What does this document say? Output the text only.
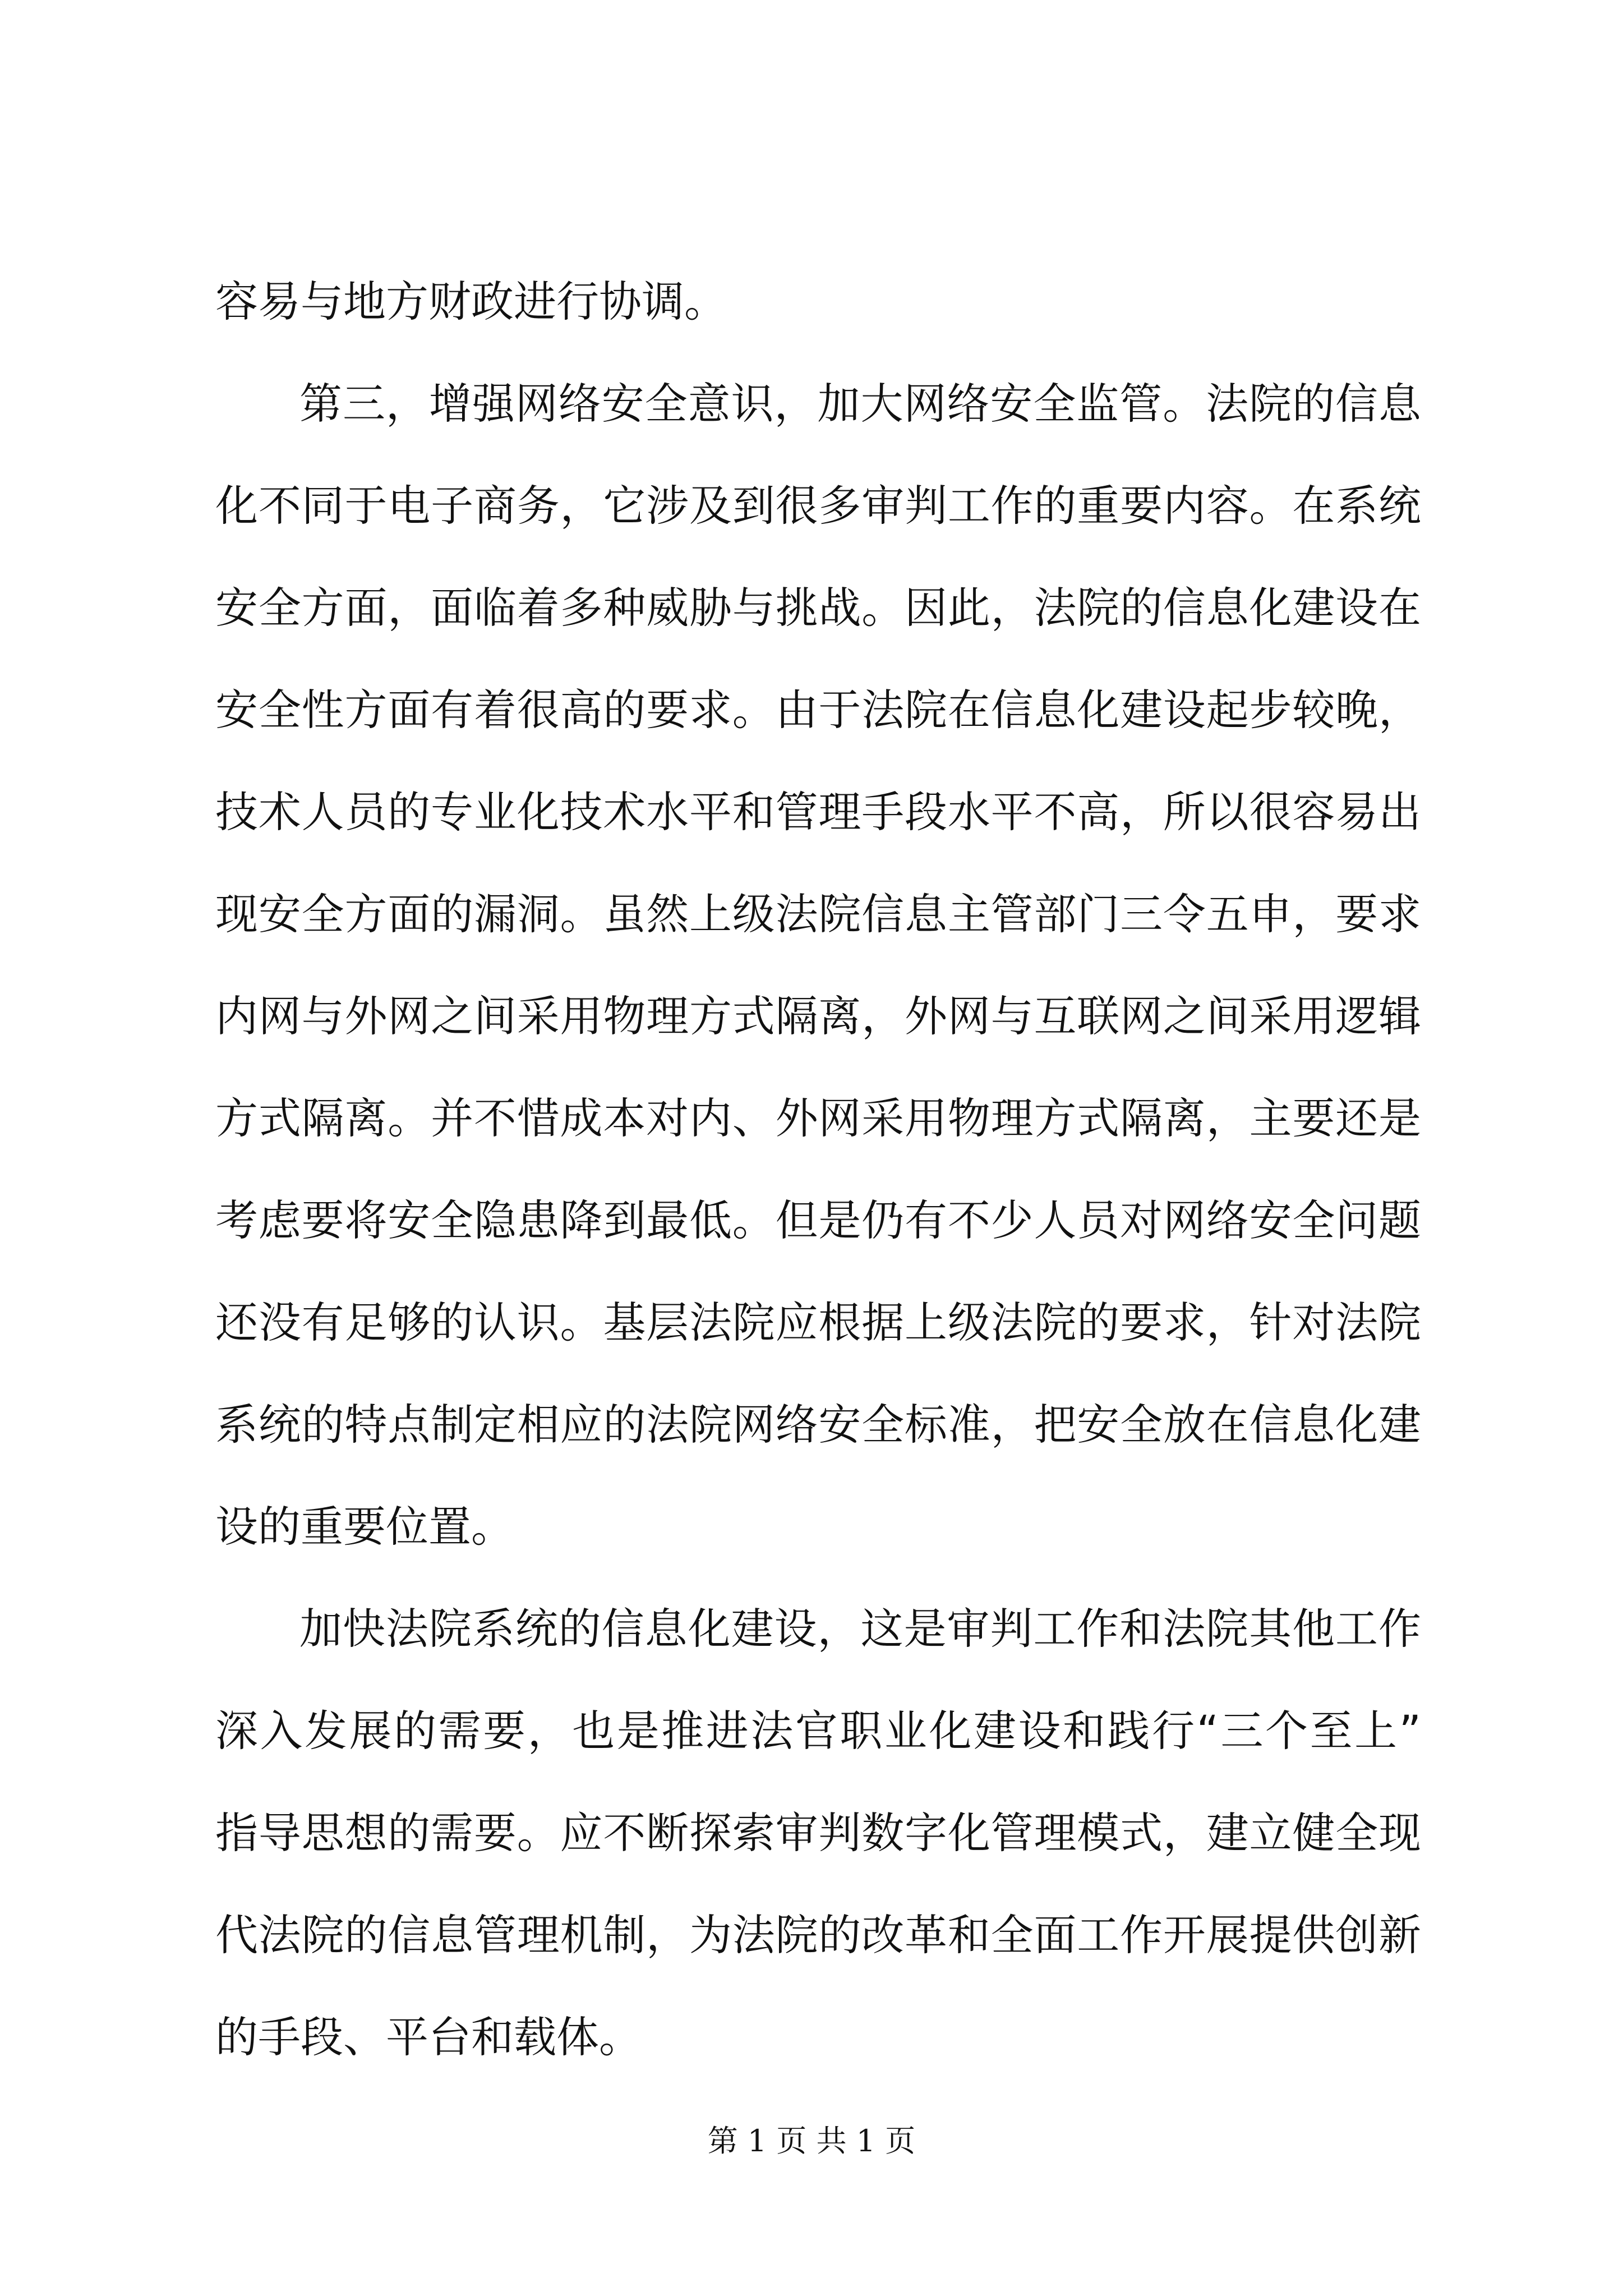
容易与地方财政进行协调。
第三，增强网络安全意识，加大网络安全监管。法院的信息
化不同于电子商务，它涉及到很多审判工作的重要内容。在系统
安全方面，面临着多种威胁与挑战。因此，法院的信息化建设在
安全性方面有着很高的要求。由于法院在信息化建设起步较晚，
技术人员的专业化技术水平和管理手段水平不高，所以很容易出
现安全方面的漏洞。虽然上级法院信息主管部门三令五申，要求
内网与外网之间采用物理方式隔离，外网与互联网之间采用逻辑
方式隔离。并不惜成本对内、外网采用物理方式隔离，主要还是
考虑要将安全隐患降到最低。但是仍有不少人员对网络安全问题
还没有足够的认识。基层法院应根据上级法院的要求，针对法院
系统的特点制定相应的法院网络安全标准，把安全放在信息化建
设的重要位置。
加快法院系统的信息化建设，这是审判工作和法院其他工作
深入发展的需要，也是推进法官职业化建设和践行“三个至上”
指导思想的需要。应不断探索审判数字化管理模式，建立健全现
代法院的信息管理机制，为法院的改革和全面工作开展提供创新
的手段、平台和载体。
第 1 页 共 1 页
